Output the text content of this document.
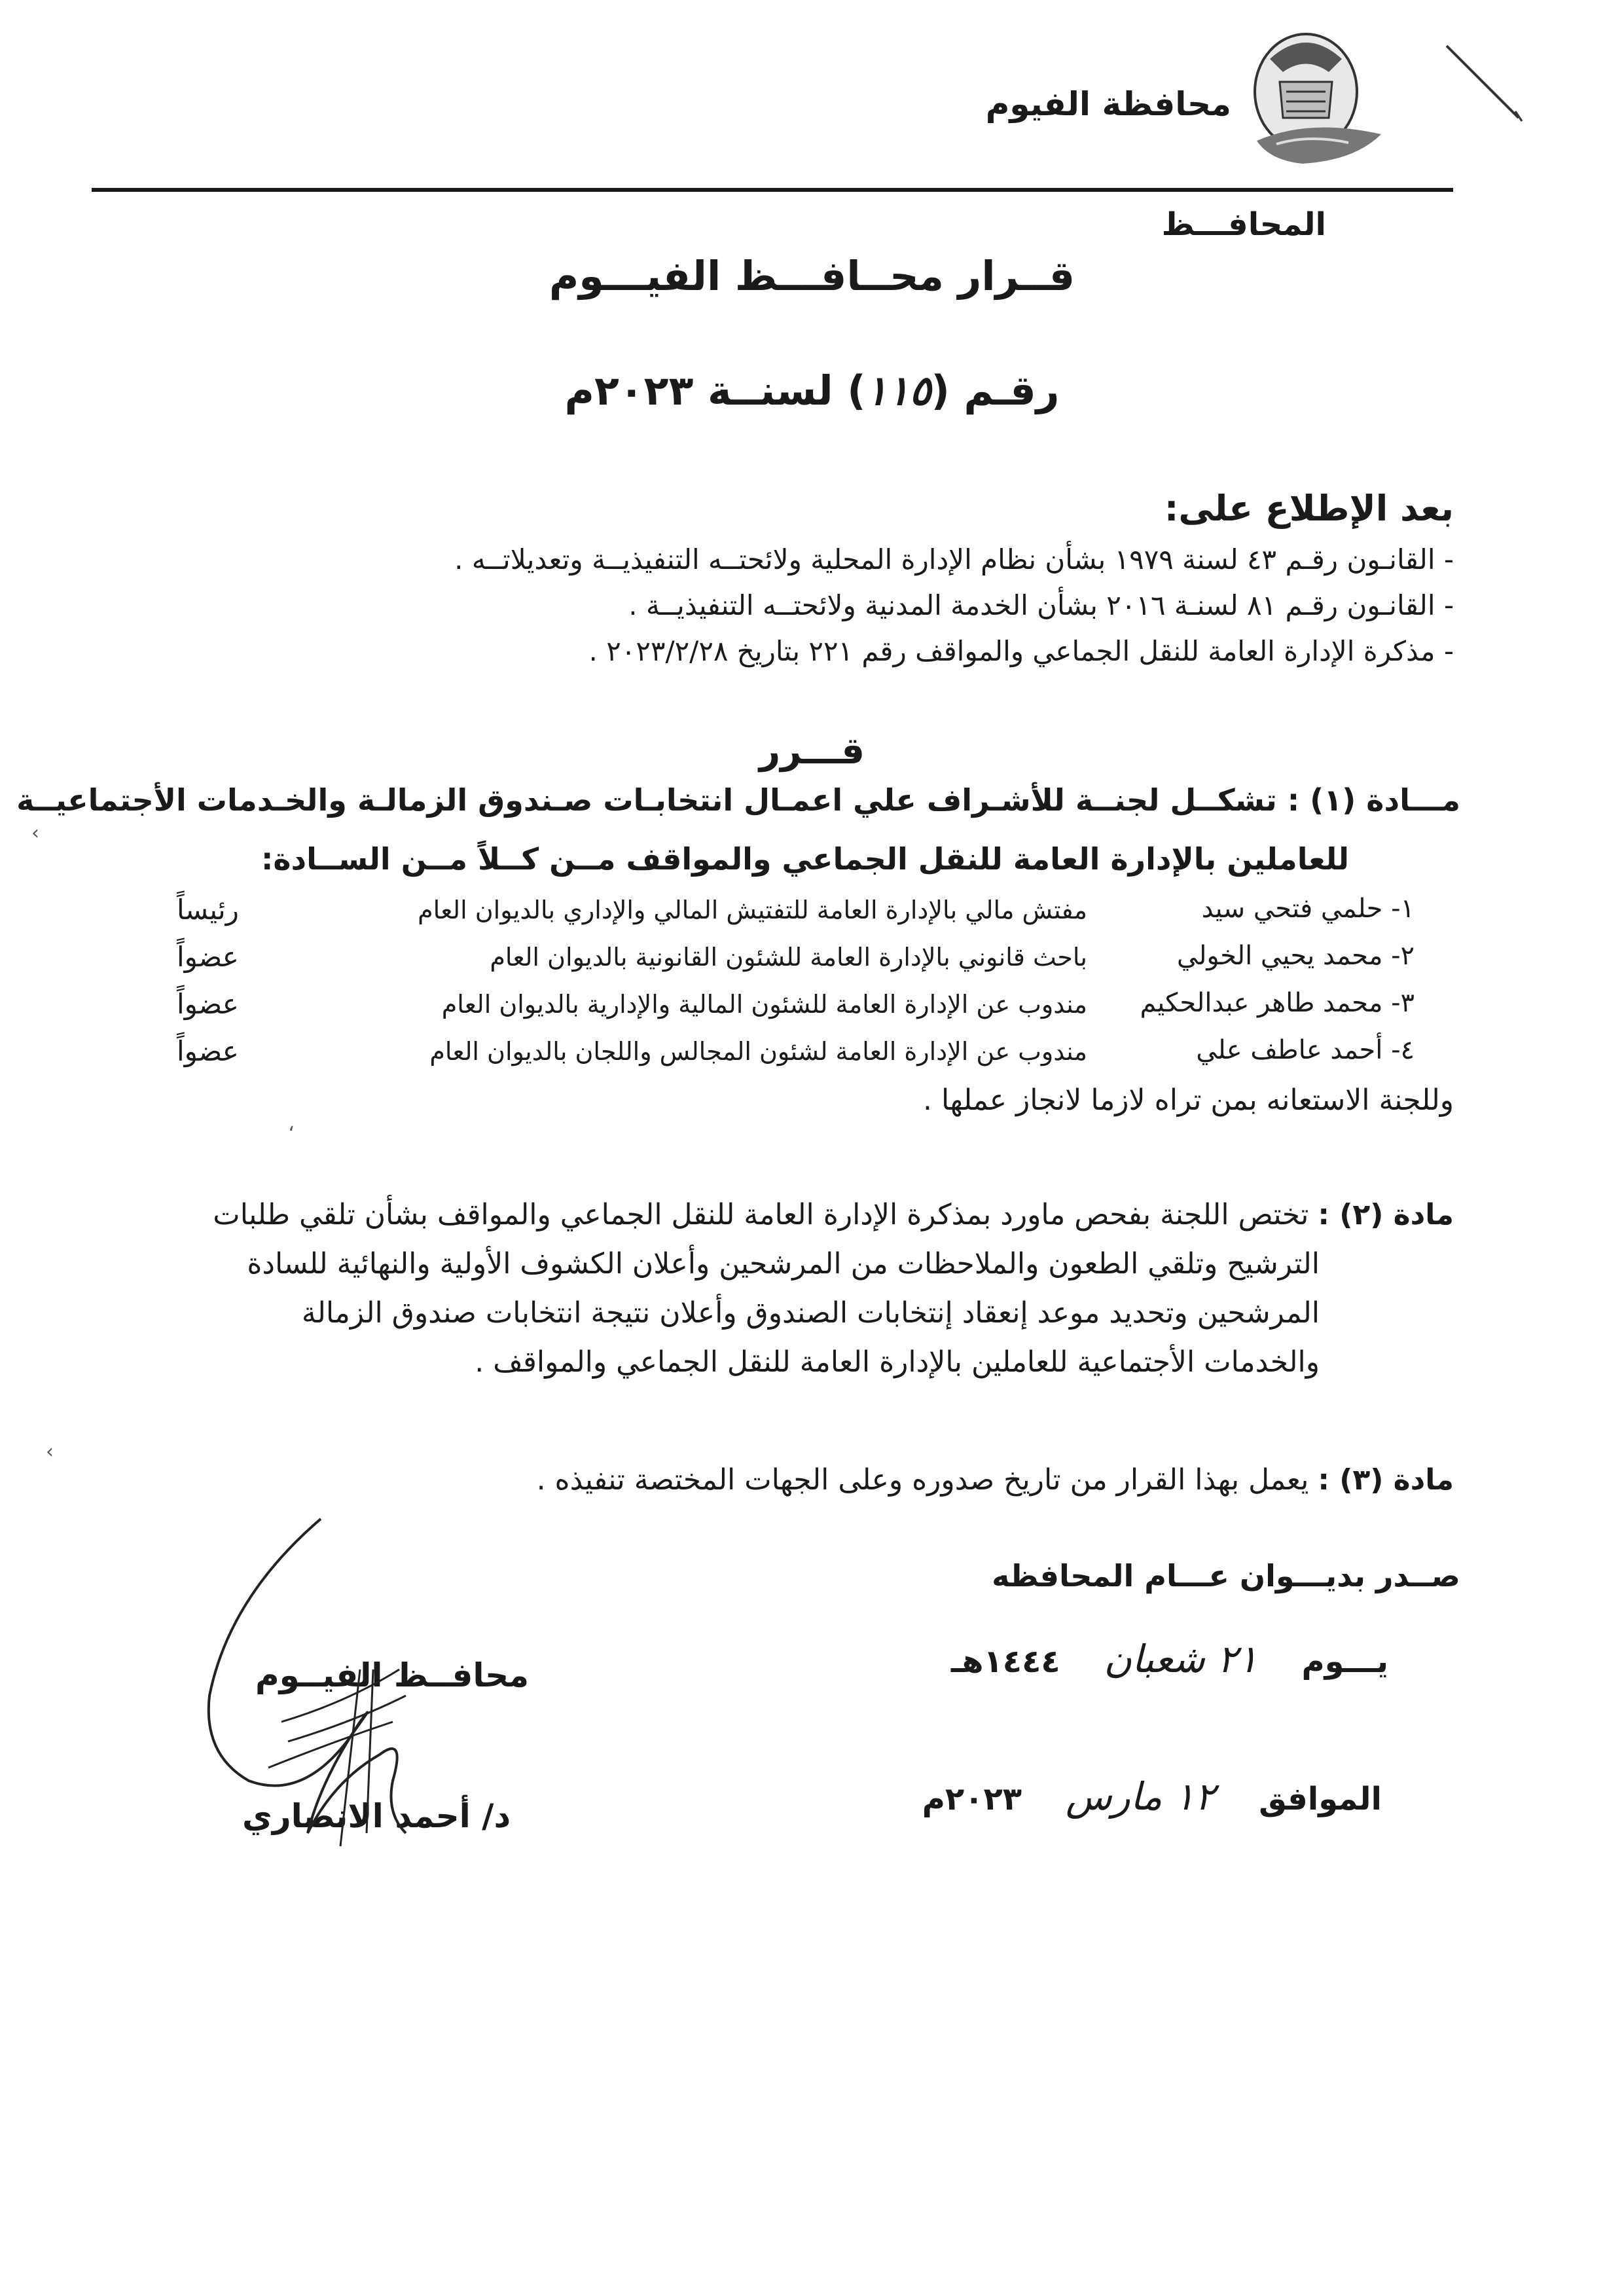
محافظة الفيوم
المحافـــظ
قــرار محــافـــظ الفيـــوم
رقـم (١١٥) لسنــة ٢٠٢٣م
بعد الإطلاع على:
- القانـون رقـم ٤٣ لسنة ١٩٧٩ بشأن نظام الإدارة المحلية ولائحتــه التنفيذيــة وتعديلاتــه .
- القانـون رقـم ٨١ لسنـة ٢٠١٦ بشأن الخدمة المدنية ولائحتــه التنفيذيــة .
- مذكرة الإدارة العامة للنقل الجماعي والمواقف رقم ٢٢١ بتاريخ ٢٠٢٣/٢/٢٨ .
قـــرر
مـــادة (١) : تشكــل لجنــة للأشـراف علي اعمـال انتخابـات صـندوق الزمالـة والخـدمات الأجتماعيــة
للعاملين بالإدارة العامة للنقل الجماعي والمواقف مــن كــلاً مــن الســادة:
١- حلمي فتحي سيد
مفتش مالي بالإدارة العامة للتفتيش المالي والإداري بالديوان العام
رئيساً
٢- محمد يحيي الخولي
باحث قانوني بالإدارة العامة للشئون القانونية بالديوان العام
عضواً
٣- محمد طاهر عبدالحكيم
مندوب عن الإدارة العامة للشئون المالية والإدارية بالديوان العام
عضواً
٤- أحمد عاطف علي
مندوب عن الإدارة العامة لشئون المجالس واللجان بالديوان العام
عضواً
وللجنة الاستعانه بمن تراه لازما لانجاز عملها .
مادة (٢) : تختص اللجنة بفحص ماورد بمذكرة الإدارة العامة للنقل الجماعي والمواقف بشأن تلقي طلبات
الترشيح وتلقي الطعون والملاحظات من المرشحين وأعلان الكشوف الأولية والنهائية للسادة
المرشحين وتحديد موعد إنعقاد إنتخابات الصندوق وأعلان نتيجة انتخابات صندوق الزمالة
والخدمات الأجتماعية للعاملين بالإدارة العامة للنقل الجماعي والمواقف .
مادة (٣) : يعمل بهذا القرار من تاريخ صدوره وعلى الجهات المختصة تنفيذه .
صــدر بديـــوان عـــام المحافظه
يـــوم    ٢١ شعبان    ١٤٤٤هـ
الموافق    ١٢ مارس    ٢٠٢٣م
محافــظ الفيــوم
د/ أحمد الانصاري
›
،
›
